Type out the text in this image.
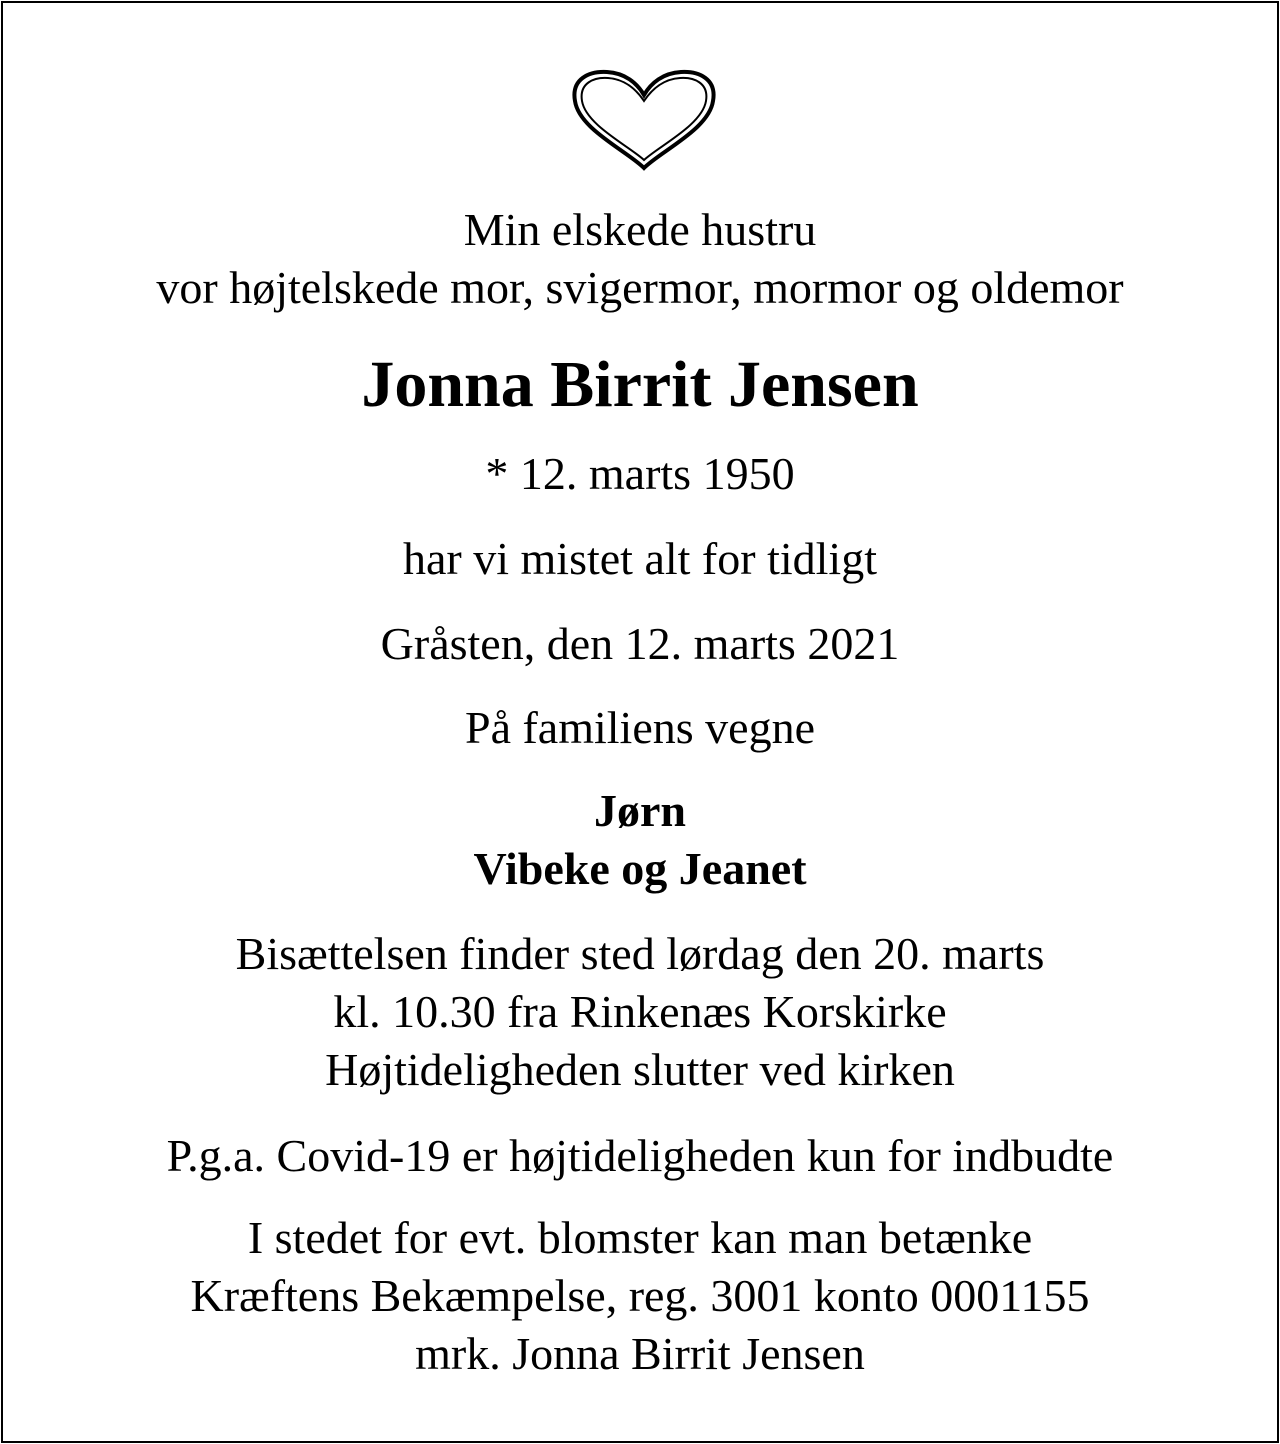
Min elskede hustru
vor højtelskede mor, svigermor, mormor og oldemor
Jonna Birrit Jensen
* 12. marts 1950
har vi mistet alt for tidligt
Gråsten, den 12. marts 2021
På familiens vegne
Jørn
Vibeke og Jeanet
Bisættelsen finder sted lørdag den 20. marts
kl. 10.30 fra Rinkenæs Korskirke
Højtideligheden slutter ved kirken
P.g.a. Covid-19 er højtideligheden kun for indbudte
I stedet for evt. blomster kan man betænke
Kræftens Bekæmpelse, reg. 3001 konto 0001155
mrk. Jonna Birrit Jensen
